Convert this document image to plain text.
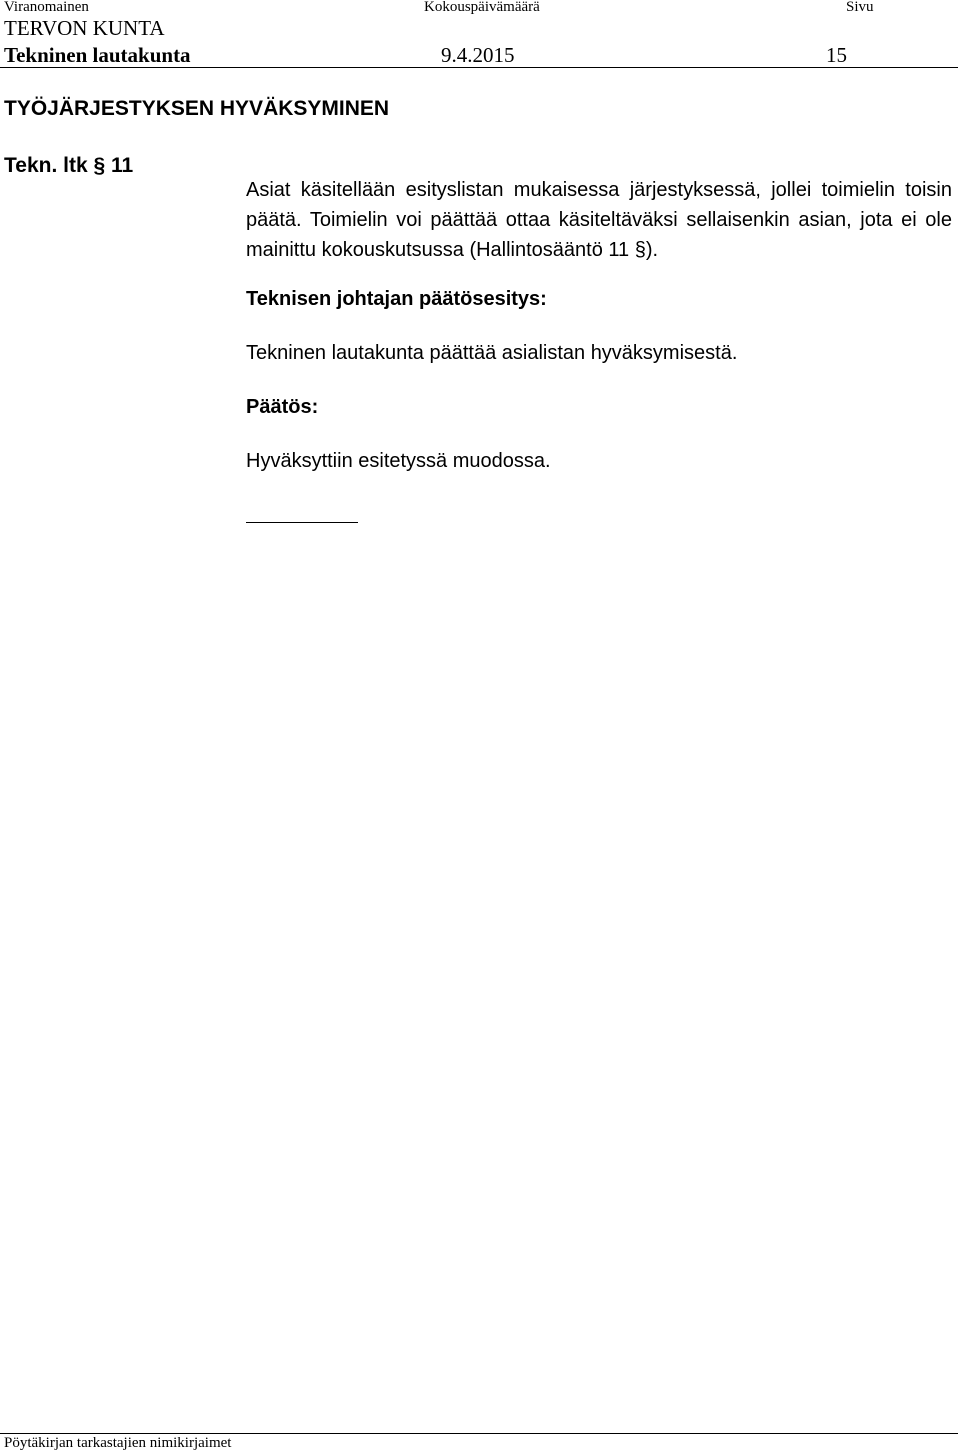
Viranomainen	Kokouspäivämäärä	Sivu
TERVON KUNTA
Tekninen lautakunta	9.4.2015	15
TYÖJÄRJESTYKSEN HYVÄKSYMINEN
Tekn. ltk § 11
Asiat käsitellään esityslistan mukaisessa järjestyksessä, jollei toimielin toisin päätä. Toimielin voi päättää ottaa käsiteltäväksi sellaisenkin asian, jota ei ole mainittu kokouskutsussa (Hallintosääntö 11 §).
Teknisen johtajan päätösesitys:
Tekninen lautakunta päättää asialistan hyväksymisestä.
Päätös:
Hyväksyttiin esitetyssä muodossa.
Pöytäkirjan tarkastajien nimikirjaimet
